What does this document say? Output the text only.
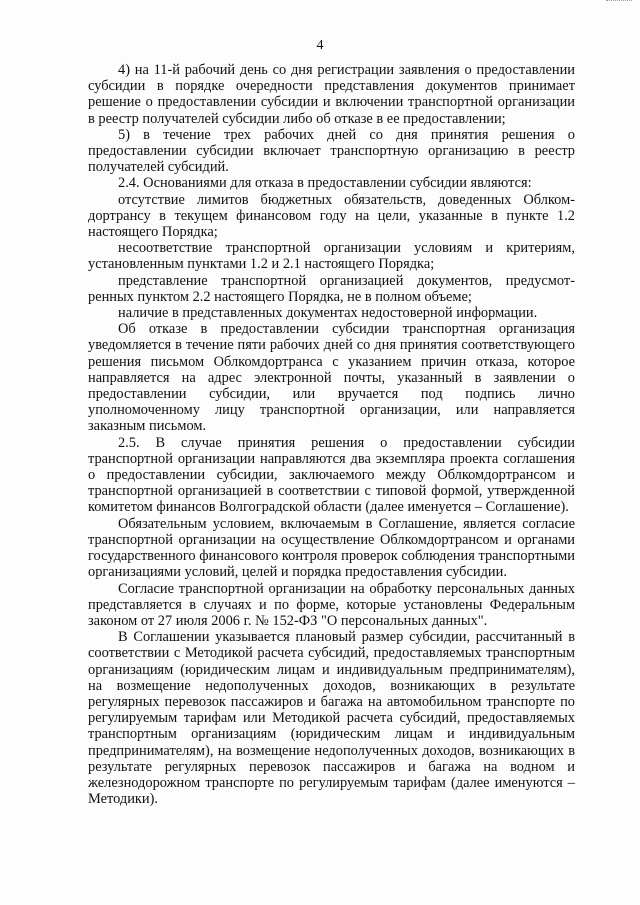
4

4) на 11-й рабочий день со дня регистрации заявления о предоставлении субсидии в порядке очередности представления документов принимает решение о предоставлении субсидии и включении транспортной организации в реестр получателей субсидии либо об отказе в ее предоставлении;

5) в течение трех рабочих дней со дня принятия решения о предоставлении субсидии включает транспортную организацию в реестр получателей субсидий.

2.4. Основаниями для отказа в предоставлении субсидии являются:

отсутствие лимитов бюджетных обязательств, доведенных Облком-дортрансу в текущем финансовом году на цели, указанные в пункте 1.2 настоящего Порядка;

несоответствие транспортной организации условиям и критериям, установленным пунктами 1.2 и 2.1 настоящего Порядка;

представление транспортной организацией документов, предусмот-ренных пунктом 2.2 настоящего Порядка, не в полном объеме;

наличие в представленных документах недостоверной информации.

Об отказе в предоставлении субсидии транспортная организация уведомляется в течение пяти рабочих дней со дня принятия соответствующего решения письмом Облкомдортранса с указанием причин отказа, которое направляется на адрес электронной почты, указанный в заявлении о предоставлении субсидии, или вручается под подпись лично уполномоченному лицу транспортной организации, или направляется заказным письмом.

2.5. В случае принятия решения о предоставлении субсидии транспортной организации направляются два экземпляра проекта соглашения о предоставлении субсидии, заключаемого между Облкомдортрансом и транспортной организацией в соответствии с типовой формой, утвержденной комитетом финансов Волгоградской области (далее именуется – Соглашение).

Обязательным условием, включаемым в Соглашение, является согласие транспортной организации на осуществление Облкомдортрансом и органами государственного финансового контроля проверок соблюдения транспортными организациями условий, целей и порядка предоставления субсидии.

Согласие транспортной организации на обработку персональных данных представляется в случаях и по форме, которые установлены Федеральным законом от 27 июля 2006 г. № 152-ФЗ "О персональных данных".

В Соглашении указывается плановый размер субсидии, рассчитанный в соответствии с Методикой расчета субсидий, предоставляемых транспортным организациям (юридическим лицам и индивидуальным предпринимателям), на возмещение недополученных доходов, возникающих в результате регулярных перевозок пассажиров и багажа на автомобильном транспорте по регулируемым тарифам или Методикой расчета субсидий, предоставляемых транспортным организациям (юридическим лицам и индивидуальным предпринимателям), на возмещение недополученных доходов, возникающих в результате регулярных перевозок пассажиров и багажа на водном и железнодорожном транспорте по регулируемым тарифам (далее именуются – Методики).
